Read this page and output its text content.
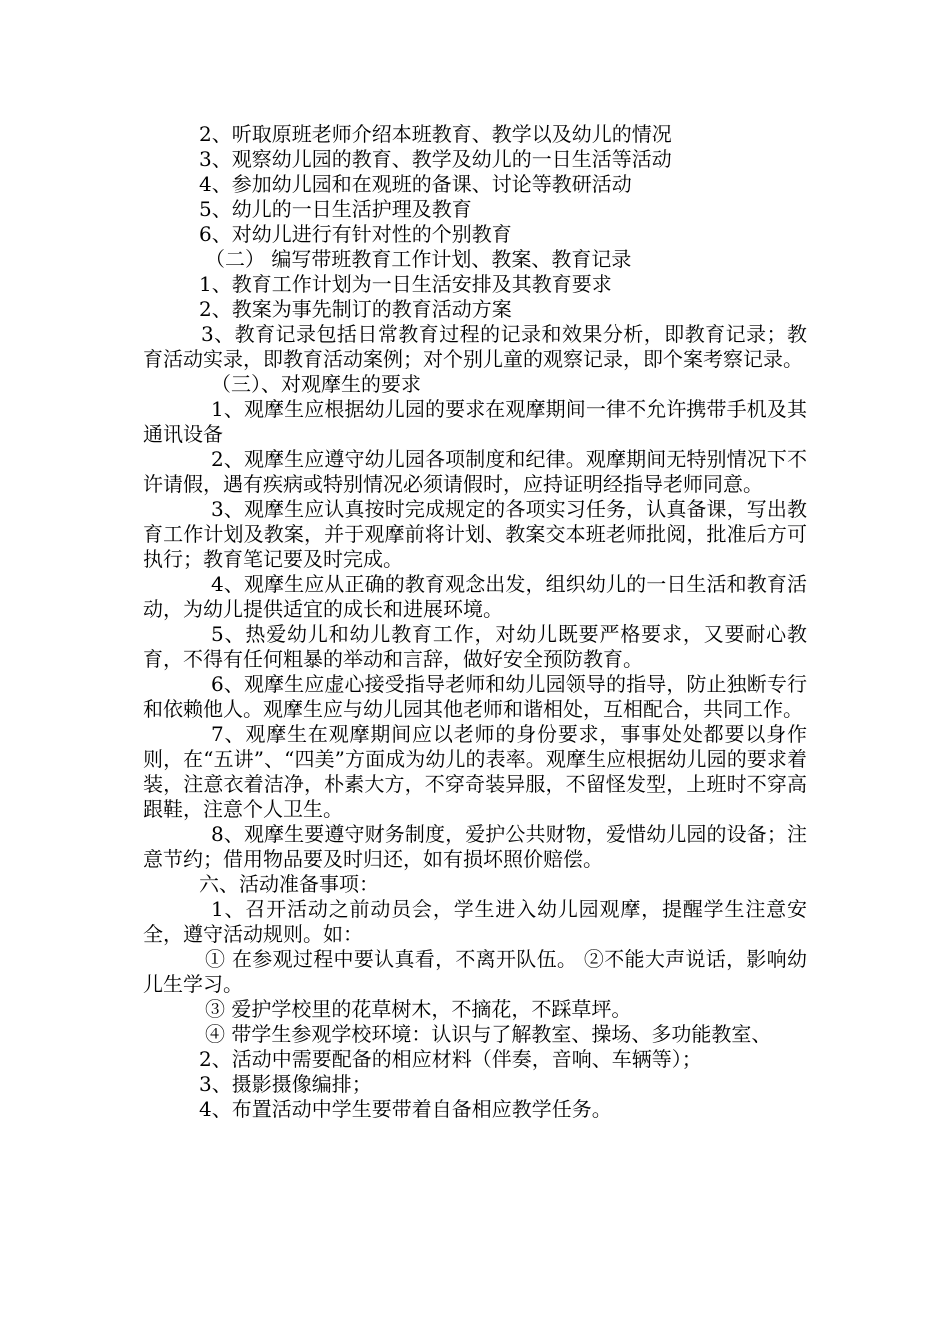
2、听取原班老师介绍本班教育、教学以及幼儿的情况

3、观察幼儿园的教育、教学及幼儿的一日生活等活动

4、参加幼儿园和在观班的备课、讨论等教研活动

5、幼儿的一日生活护理及教育

6、对幼儿进行有针对性的个别教育

（二） 编写带班教育工作计划、教案、教育记录

1、教育工作计划为一日生活安排及其教育要求

2、教案为事先制订的教育活动方案

3、教育记录包括日常教育过程的记录和效果分析，即教育记录；教育活动实录，即教育活动案例；对个别儿童的观察记录，即个案考察记录。

（三）、对观摩生的要求

1、观摩生应根据幼儿园的要求在观摩期间一律不允许携带手机及其通讯设备

2、观摩生应遵守幼儿园各项制度和纪律。观摩期间无特别情况下不许请假，遇有疾病或特别情况必须请假时，应持证明经指导老师同意。

3、观摩生应认真按时完成规定的各项实习任务，认真备课，写出教育工作计划及教案，并于观摩前将计划、教案交本班老师批阅，批准后方可执行；教育笔记要及时完成。

4、观摩生应从正确的教育观念出发，组织幼儿的一日生活和教育活动，为幼儿提供适宜的成长和进展环境。

5、热爱幼儿和幼儿教育工作，对幼儿既要严格要求，又要耐心教育，不得有任何粗暴的举动和言辞，做好安全预防教育。

6、观摩生应虚心接受指导老师和幼儿园领导的指导，防止独断专行和依赖他人。观摩生应与幼儿园其他老师和谐相处，互相配合，共同工作。

7、观摩生在观摩期间应以老师的身份要求，事事处处都要以身作则，在“五讲”、“四美”方面成为幼儿的表率。观摩生应根据幼儿园的要求着装，注意衣着洁净，朴素大方，不穿奇装异服，不留怪发型，上班时不穿高跟鞋，注意个人卫生。

8、观摩生要遵守财务制度，爱护公共财物，爱惜幼儿园的设备；注意节约；借用物品要及时归还，如有损坏照价赔偿。

六、活动准备事项：

1、召开活动之前动员会，学生进入幼儿园观摩，提醒学生注意安全，遵守活动规则。如：

① 在参观过程中要认真看，不离开队伍。 ②不能大声说话，影响幼儿生学习。

③ 爱护学校里的花草树木，不摘花，不踩草坪。

④ 带学生参观学校环境：认识与了解教室、操场、多功能教室、

2、活动中需要配备的相应材料（伴奏，音响、车辆等）；

3、摄影摄像编排；

4、布置活动中学生要带着自备相应教学任务。
